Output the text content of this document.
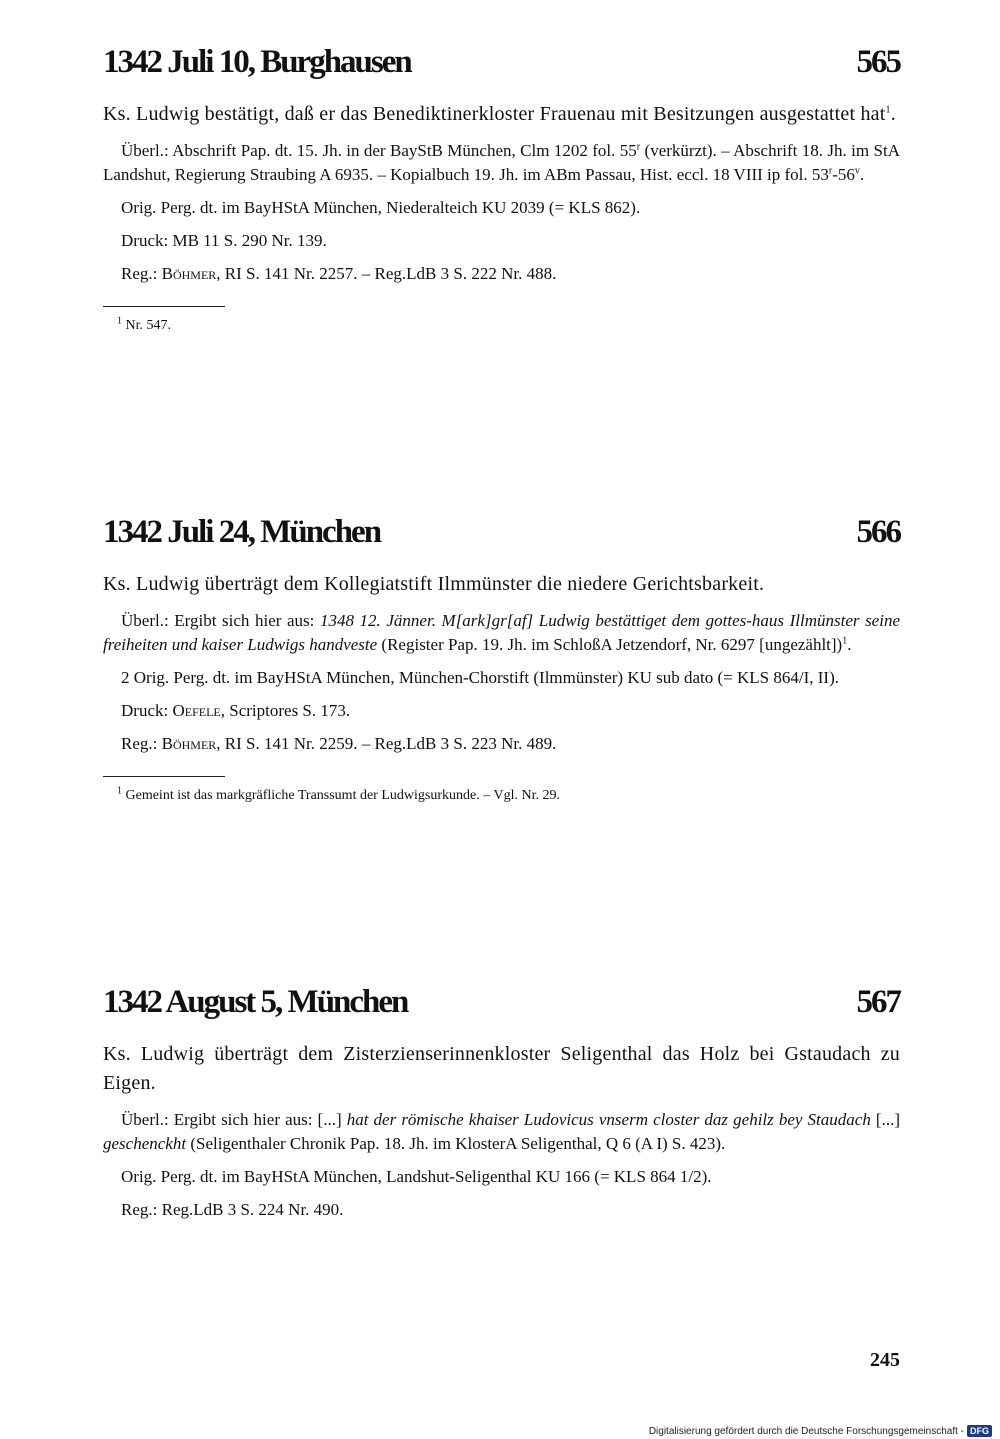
1342 Juli 10, Burghausen	565

Ks. Ludwig bestätigt, daß er das Benediktinerkloster Frauenau mit Besitzungen ausgestattet hat$^1$.

Überl.: Abschrift Pap. dt. 15. Jh. in der BayStB München, Clm 1202 fol. 55$^r$ (verkürzt). – Abschrift 18. Jh. im StA Landshut, Regierung Straubing A 6935. – Kopialbuch 19. Jh. im ABm Passau, Hist. eccl. 18 VIII ip fol. 53$^r$-56$^v$.

Orig. Perg. dt. im BayHStA München, Niederalteich KU 2039 (= KLS 862).

Druck: MB 11 S. 290 Nr. 139.

Reg.: Böhmer, RI S. 141 Nr. 2257. – Reg.LdB 3 S. 222 Nr. 488.

$^1$ Nr. 547.
1342 Juli 24, München	566

Ks. Ludwig überträgt dem Kollegiatstift Ilmmünster die niedere Gerichtsbarkeit.

Überl.: Ergibt sich hier aus: 1348 12. Jänner. M[ark]gr[af] Ludwig bestättiget dem gottes-haus Illmünster seine freiheiten und kaiser Ludwigs handveste (Register Pap. 19. Jh. im SchloßA Jetzendorf, Nr. 6297 [ungezählt])$^1$.

2 Orig. Perg. dt. im BayHStA München, München-Chorstift (Ilmmünster) KU sub dato (= KLS 864/I, II).

Druck: Oefele, Scriptores S. 173.

Reg.: Böhmer, RI S. 141 Nr. 2259. – Reg.LdB 3 S. 223 Nr. 489.

$^1$ Gemeint ist das markgräfliche Transsumt der Ludwigsurkunde. – Vgl. Nr. 29.
1342 August 5, München	567

Ks. Ludwig überträgt dem Zisterzienserinnenkloster Seligenthal das Holz bei Gstaudach zu Eigen.

Überl.: Ergibt sich hier aus: [...] hat der römische khaiser Ludovicus vnserm closter daz gehilz bey Staudach [...] geschenckht (Seligenthaler Chronik Pap. 18. Jh. im KlosterA Seligenthal, Q 6 (A I) S. 423).

Orig. Perg. dt. im BayHStA München, Landshut-Seligenthal KU 166 (= KLS 864 1/2).

Reg.: Reg.LdB 3 S. 224 Nr. 490.

245
Digitalisierung gefördert durch die Deutsche Forschungsgemeinschaft - DFG
